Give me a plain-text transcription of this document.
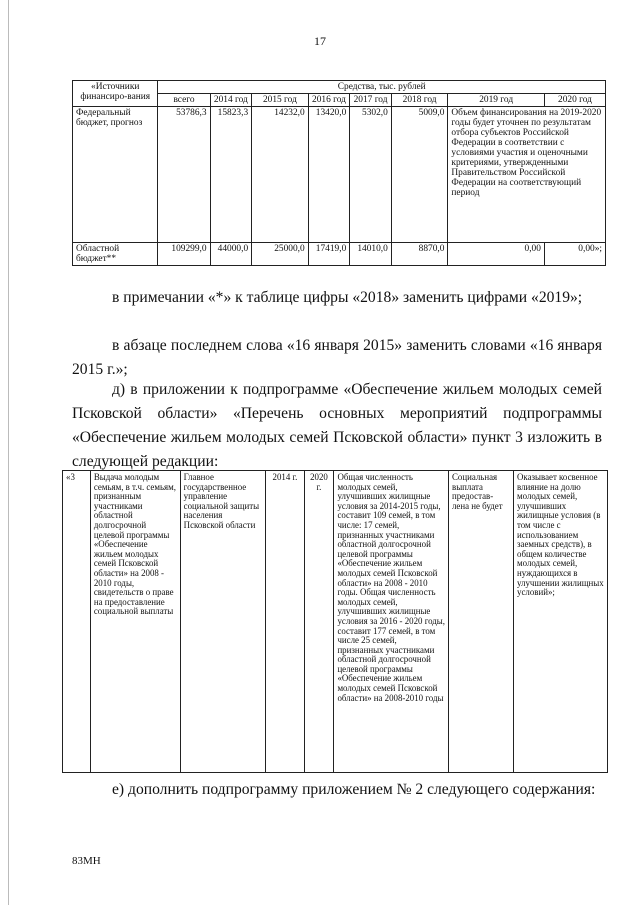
17
«Источники финансиро-вания	Средства, тыс. рублей							
	всего	2014 год	2015 год	2016 год	2017 год	2018 год	2019 год	2020 год
Федеральный бюджет, прогноз	53786,3	15823,3	14232,0	13420,0	5302,0	5009,0	Объем финансирования на 2019-2020 годы будет уточнен по результатам отбора субъектов Российской Федерации в соответствии с условиями участия и оценочными критериями, утвержденными Правительством Российской Федерации на соответствующий период	
Областной бюджет**	109299,0	44000,0	25000,0	17419,0	14010,0	8870,0	0,00	0,00»;
в примечании «*» к таблице цифры «2018» заменить цифрами «2019»;
в абзаце последнем слова «16 января 2015» заменить словами «16 января 2015 г.»;
д) в приложении к подпрограмме «Обеспечение жильем молодых семей Псковской области» «Перечень основных мероприятий подпрограммы «Обеспечение жильем молодых семей Псковской области» пункт 3 изложить в следующей редакции:
«3	Выдача молодым семьям, в т.ч. семьям, признанным участниками областной долгосрочной целевой программы «Обеспечение жильем молодых семей Псковской области» на 2008 - 2010 годы, свидетельств о праве на предоставление социальной выплаты	Главное государственное управление социальной защиты населения Псковской области	2014 г.	2020 г.	Общая численность молодых семей, улучшивших жилищные условия за 2014-2015 годы, составит 109 семей, в том числе: 17 семей, признанных участниками областной долгосрочной целевой программы «Обеспечение жильем молодых семей Псковской области» на 2008 - 2010 годы. Общая численность молодых семей, улучшивших жилищные условия за 2016 - 2020 годы, составит 177 семей, в том числе 25 семей, признанных участниками областной долгосрочной целевой программы «Обеспечение жильем молодых семей Псковской области» на 2008-2010 годы	Социальная выплата предостав-лена не будет	Оказывает косвенное влияние на долю молодых семей, улучшивших жилищные условия (в том числе с использованием заемных средств), в общем количестве молодых семей, нуждающихся в улучшении жилищных условий»;
е) дополнить подпрограмму приложением № 2 следующего содержания:
83МН
